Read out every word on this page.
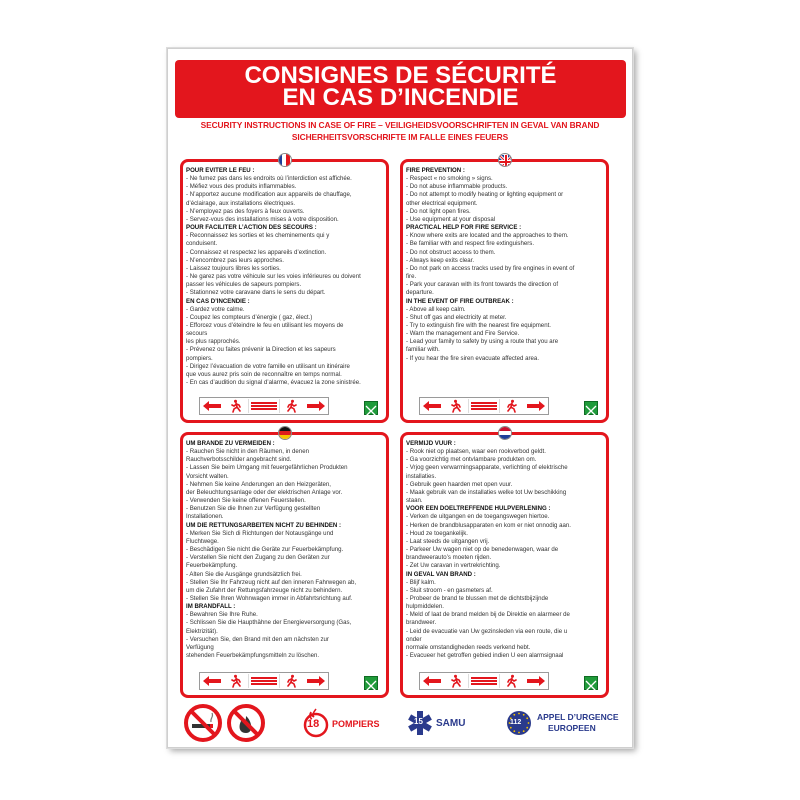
CONSIGNES DE SÉCURITÉ
EN CAS D’INCENDIE
SECURITY INSTRUCTIONS IN CASE OF FIRE – VEILIGHEIDSVOORSCHRIFTEN IN GEVAL VAN BRAND
SICHERHEITSVORSCHRIFTE IM FALLE EINES FEUERS
POUR ÉVITER LE FEU :
- Ne fumez pas dans les endroits où l’interdiction est affichée.
- Méfiez vous des produits inflammables.
- N’apportez aucune modification aux appareils de chauffage,
d’éclairage, aux installations électriques.
- N’employez pas des foyers à feux ouverts.
- Servez-vous des installations mises à votre disposition.
POUR FACILITER L’ACTION DES SECOURS :
- Reconnaissez les sorties et les cheminements qui y
conduisent.
- Connaissez et respectez les appareils d’extinction.
- N’encombrez pas leurs approches.
- Laissez toujours libres les sorties.
- Ne garez pas votre véhicule sur les voies inférieures ou doivent
passer les véhicules de sapeurs pompiers.
- Stationnez votre caravane dans le sens du départ.
EN CAS D’INCENDIE :
- Gardez votre calme.
- Coupez les compteurs d’énergie ( gaz, élect.)
- Efforcez vous d’éteindre le feu en utilisant les moyens de
secours
les plus rapprochés.
- Prévenez ou faites prévenir la Direction et les sapeurs
pompiers.
- Dirigez l’évacuation de votre famille en utilisant un itinéraire
que vous aurez pris soin de reconnaître en temps normal.
- En cas d’audition du signal d’alarme, évacuez la zone sinistrée.
FIRE PREVENTION :
- Respect « no smoking » signs.
- Do not abuse inflammable products.
- Do not attempt to modify heating or lighting equipment or
other electrical equipment.
- Do not light open fires.
- Use equipment at your disposal
PRACTICAL HELP FOR FIRE SERVICE :
- Know where exits are located and the approaches to them.
- Be familiar with and respect fire extinguishers.
- Do not obstruct access to them.
- Always keep exits clear.
- Do not park on access tracks used by fire engines in event of
fire.
- Park your caravan with its front towards the direction of
departure.
IN THE EVENT OF FIRE OUTBREAK :
- Above all keep calm.
- Shut off gas and electricity at meter.
- Try to extinguish fire with the nearest fire equipment.
- Warn the management and Fire Service.
- Lead your family to safety by using a route that you are
familiar with.
- If you hear the fire siren evacuate affected area.
UM BRANDE ZU VERMEIDEN :
- Rauchen Sie nicht in den Räumen, in denen
Rauchverbotsschilder angebracht sind.
- Lassen Sie beim Umgang mit feuergefährlichen Produkten
Vorsicht walten.
- Nehmen Sie keine Änderungen an den Heizgeräten,
der Beleuchtungsanlage oder der elektrischen Anlage vor.
- Verwenden Sie keine offenen Feuerstellen.
- Benutzen Sie die Ihnen zur Verfügung gestellten
Installationen.
UM DIE RETTUNGSARBEITEN NICHT ZU BEHINDEN :
- Merken Sie Sich di Richtungen der Notausgänge und
Fluchtwege.
- Beschädigen Sie nicht die Geräte zur Feuerbekämpfung.
- Verstellen Sie nicht den Zugang zu den Geräten zur
Feuerbekämpfung.
- Alten Sie die Ausgänge grundsätzlich frei.
- Stellen Sie Ihr Fahrzeug nicht auf den inneren Fahrwegen ab,
um die Zufahrt der Rettungsfahrzeuge nicht zu behindern.
- Stellen Sie Ihren Wohnwagen immer in Abfahrtsrichtung auf.
IM BRANDFALL :
- Bewahren Sie Ihre Ruhe.
- Schlissen Sie die Haupthähne der Energieversorgung (Gas,
Elektrizität).
- Versuchen Sie, den Brand mit den am nächsten zur
Verfügung
stehenden Feuerbekämpfungsmitteln zu löschen.
VERMIJD VUUR :
- Rook niet op plaatsen, waar een rookverbod geldt.
- Ga voorzichtig met ontvlambare produkten om.
- Vrjog geen verwarmingsapparate, verlichting of elektrische
installaties.
- Gebruik geen haarden met open vuur.
- Maak gebruik van de installaties welke tot Uw beschikking
staan.
VOOR EEN DOELTREFFENDE HULPVERLENING :
- Verken de uitgangen en de toegangswegen hiertoe.
- Herken de brandblusapparaten en kom er niet onnodig aan.
- Houd ze toegankelijk.
- Laat steeds de uitgangen vrij.
- Parkeer Uw wagen niet op de benedenwagen, waar de
brandweerauto’s moeten rijden.
- Zet Uw caravan in vertrekrichting.
IN GEVAL VAN BRAND :
- Blijf kalm.
- Sluit stroom - en gasmeters af.
- Probeer de brand te blussen met de dichtstbijzijnde
hulpmiddelen.
- Meld of laat de brand melden bij de Direktie en alarmeer de
brandweer.
- Leid de evacuatie van Uw gezinsleden via een route, die u
onder
normale omstandigheden reeds verkend hebt.
- Evacueer het getroffen gebied indien U een alarmsignaal
18 POMPIERS	15 SAMU	112
APPEL D’URGENCE
EUROPEEN
